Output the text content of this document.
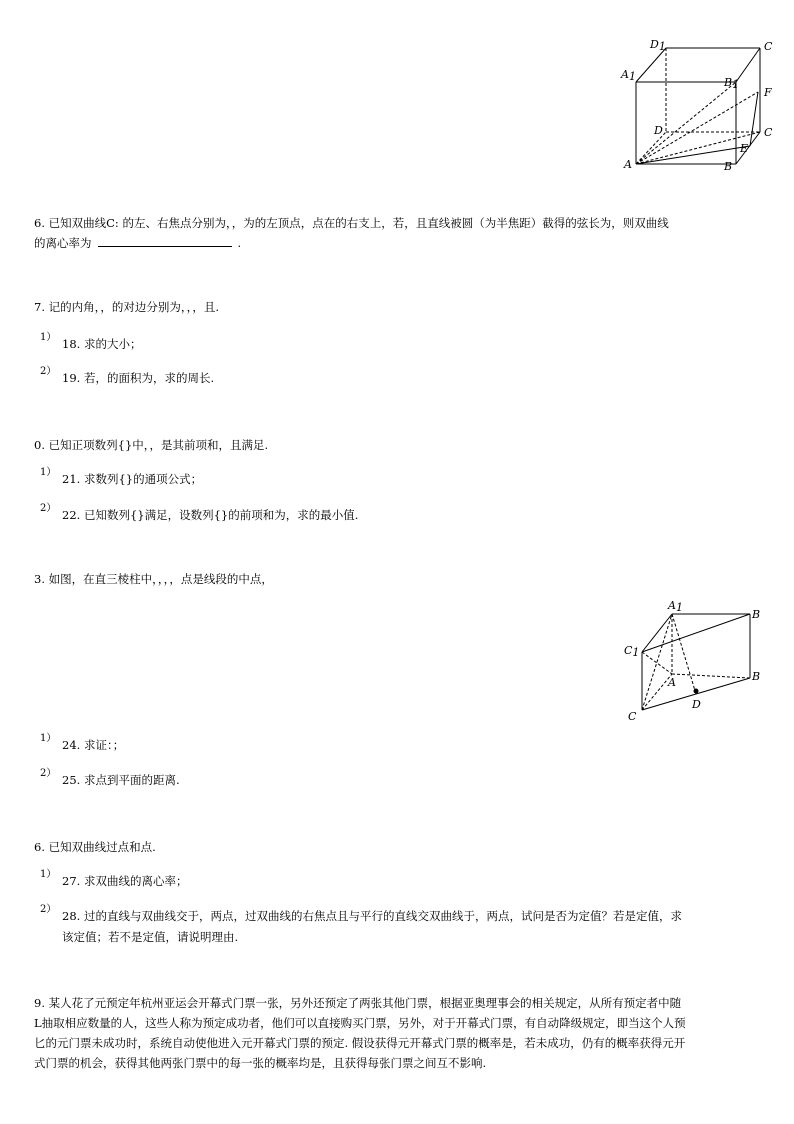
D1	C
A1	B1
F
D	C
E
A	B
6. 已知双曲线C: 的左、右焦点分别为，，为的左顶点，点在的右支上，若，且直线被圆（为半焦距）截得的弦长为，则双曲线
的离心率为	.
7. 记的内角，，的对边分别为，，，且.
1） 18. 求的大小；
2） 19. 若，的面积为，求的周长.
0. 已知正项数列{}中，，是其前项和，且满足.
1） 21. 求数列{}的通项公式；
2） 22. 已知数列{}满足，设数列{}的前项和为，求的最小值.
3. 如图，在直三棱柱中，，，，点是线段的中点，
A1
B
C1
A	B
C
D
1） 24. 求证：；
2） 25. 求点到平面的距离.
6. 已知双曲线过点和点.
1） 27. 求双曲线的离心率；
2） 28. 过的直线与双曲线交于，两点，过双曲线的右焦点且与平行的直线交双曲线于，两点，试问是否为定值？若是定值，求
该定值；若不是定值，请说明理由.
9. 某人花了元预定年杭州亚运会开幕式门票一张，另外还预定了两张其他门票，根据亚奥理事会的相关规定，从所有预定者中随
L抽取相应数量的人，这些人称为预定成功者，他们可以直接购买门票，另外，对于开幕式门票，有自动降级规定，即当这个人预
匕的元门票未成功时，系统自动使他进入元开幕式门票的预定. 假设获得元开幕式门票的概率是，若未成功，仍有的概率获得元开
式门票的机会，获得其他两张门票中的每一张的概率均是，且获得每张门票之间互不影响.
